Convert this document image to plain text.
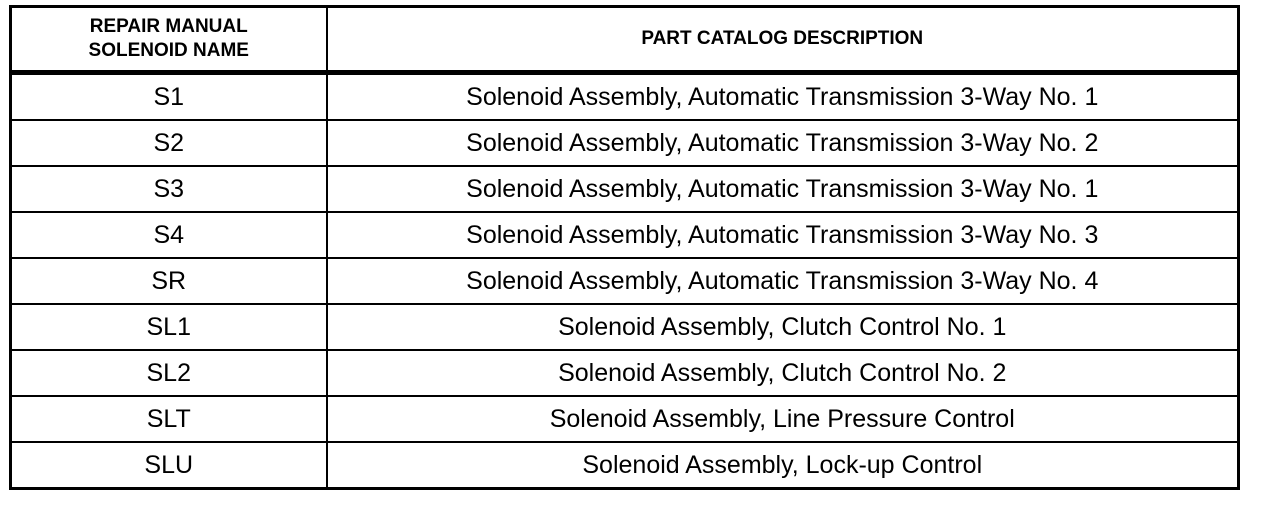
REPAIR MANUAL
SOLENOID NAME	PART CATALOG DESCRIPTION
S1	Solenoid Assembly, Automatic Transmission 3-Way No. 1
S2	Solenoid Assembly, Automatic Transmission 3-Way No. 2
S3	Solenoid Assembly, Automatic Transmission 3-Way No. 1
S4	Solenoid Assembly, Automatic Transmission 3-Way No. 3
SR	Solenoid Assembly, Automatic Transmission 3-Way No. 4
SL1	Solenoid Assembly, Clutch Control No. 1
SL2	Solenoid Assembly, Clutch Control No. 2
SLT	Solenoid Assembly, Line Pressure Control
SLU	Solenoid Assembly, Lock-up Control
